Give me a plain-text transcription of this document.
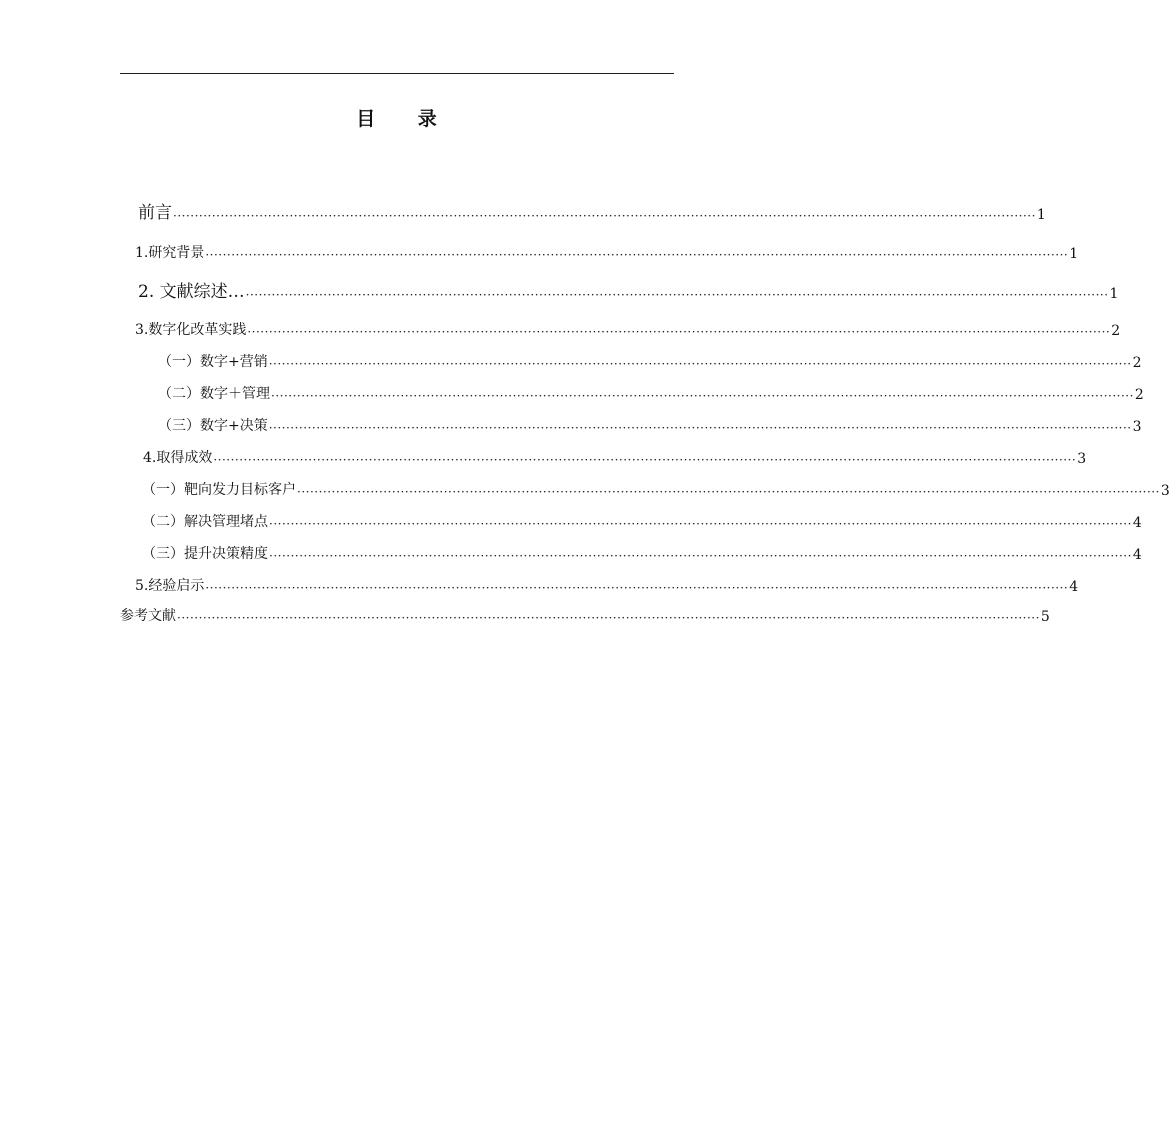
目 录
前言 ········································································································································································································ 1
1.研究背景 ········································································································································································································ 1
2. 文献综述… ········································································································································································································ 1
3.数字化改革实践 ········································································································································································································ 2
（一）数字+营销 ········································································································································································································ 2
（二）数字＋管理 ········································································································································································································ 2
（三）数字+决策 ········································································································································································································ 3
4.取得成效 ········································································································································································································ 3
（一）靶向发力目标客户 ········································································································································································································ 3
（二）解决管理堵点 ········································································································································································································ 4
（三）提升决策精度 ········································································································································································································ 4
5.经验启示 ········································································································································································································ 4
参考文献 ········································································································································································································ 5
